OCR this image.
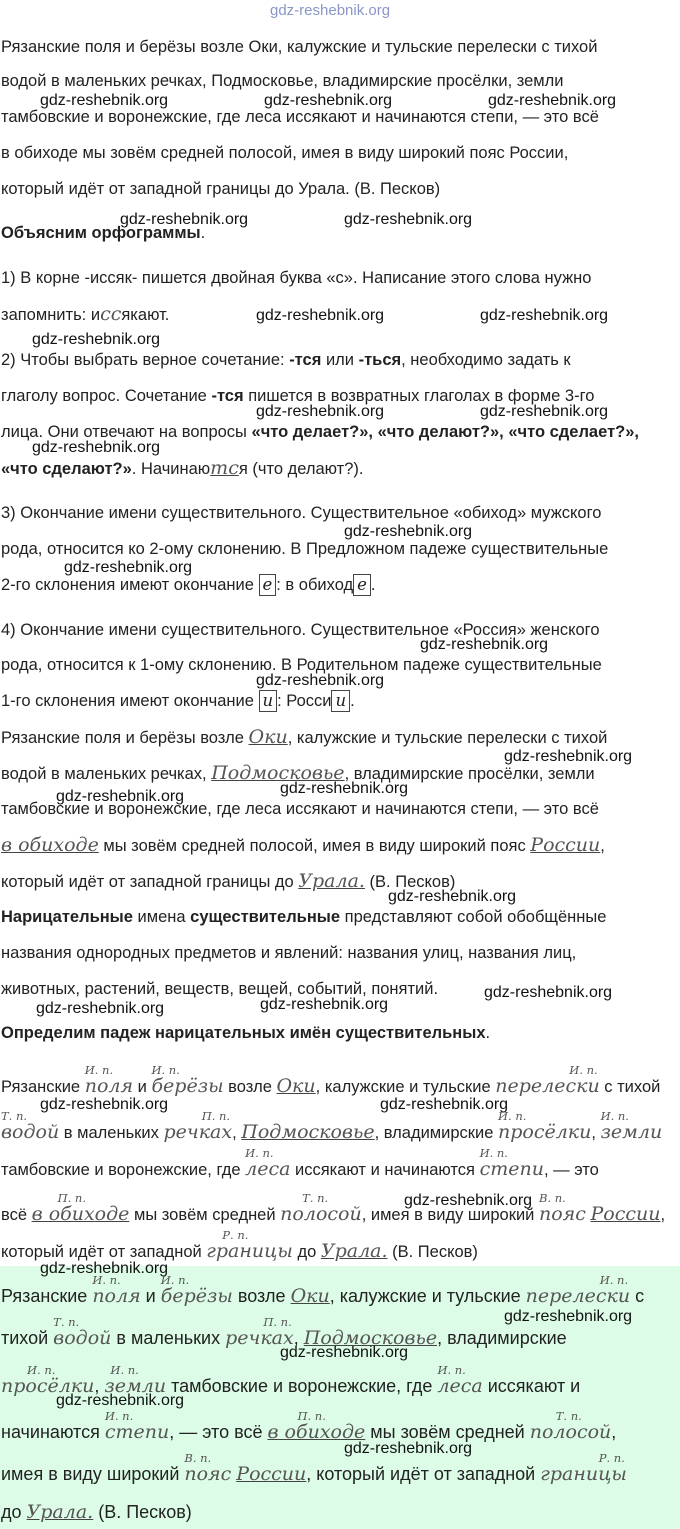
gdz-reshebnik.org
gdz-reshebnik.org	gdz-reshebnik.org	gdz-reshebnik.org
gdz-reshebnik.org	gdz-reshebnik.org
gdz-reshebnik.org	gdz-reshebnik.org
gdz-reshebnik.org
gdz-reshebnik.org	gdz-reshebnik.org
gdz-reshebnik.org
gdz-reshebnik.org
gdz-reshebnik.org
gdz-reshebnik.org
gdz-reshebnik.org
gdz-reshebnik.org
gdz-reshebnik.org
gdz-reshebnik.org
gdz-reshebnik.org
gdz-reshebnik.org
gdz-reshebnik.org
gdz-reshebnik.org
gdz-reshebnik.org	gdz-reshebnik.org
gdz-reshebnik.org
gdz-reshebnik.org
gdz-reshebnik.org
gdz-reshebnik.org
gdz-reshebnik.org
gdz-reshebnik.org
Рязанские поля и берёзы возле Оки, калужские и тульские перелески с тихой
водой в маленьких речках, Подмосковье, владимирские просёлки, земли
тамбовские и воронежские, где леса иссякают и начинаются степи, — это всё
в обиходе мы зовём средней полосой, имея в виду широкий пояс России,
который идёт от западной границы до Урала. (В. Песков)
Объясним орфограммы.
1) В корне -иссяк- пишется двойная буква «с». Написание этого слова нужно
запомнить: иссякают.
2) Чтобы выбрать верное сочетание: -тся или -ться, необходимо задать к
глаголу вопрос. Сочетание -тся пишется в возвратных глаголах в форме 3-го
лица. Они отвечают на вопросы «что делает?», «что делают?», «что сделает?»,
«что сделают?». Начинаются (что делают?).
3) Окончание имени существительного. Существительное «обиход» мужского
рода, относится ко 2-ому склонению. В Предложном падеже существительные
2-го склонения имеют окончание е : в обиход е .
4) Окончание имени существительного. Существительное «Россия» женского
рода, относится к 1-ому склонению. В Родительном падеже существительные
1-го склонения имеют окончание и : Росси и .
Рязанские поля и берёзы возле Оки, калужские и тульские перелески с тихой
водой в маленьких речках, Подмосковье, владимирские просёлки, земли
тамбовские и воронежские, где леса иссякают и начинаются степи, — это всё
в обиходе мы зовём средней полосой, имея в виду широкий пояс России,
который идёт от западной границы до Урала. (В. Песков)
Нарицательные имена существительные представляют собой обобщённые
названия однородных предметов и явлений: названия улиц, названия лиц,
животных, растений, веществ, вещей, событий, понятий.
Определим падеж нарицательных имён существительных.
Рязанские
И. п.
поля и
И. п.
берёзы возле Оки, калужские и тульские
И. п.
перелески с тихой
Т. п.
водой в маленьких
П. п.
речках, Подмосковье, владимирские
И. п.
просёлки,
И. п.
земли
тамбовские и воронежские, где
И. п.
леса иссякают и начинаются
И. п.
степи, — это
всё
П. п.
в обиходе мы зовём средней
Т. п.
полосой, имея в виду широкий
В. п.
пояс России,
который идёт от западной
Р. п.
границы до Урала. (В. Песков)
Рязанские
И. п.
поля и
И. п.
берёзы возле Оки, калужские и тульские
И. п.
перелески с
тихой
Т. п.
водой в маленьких
П. п.
речках, Подмосковье, владимирские
И. п.
просёлки,
И. п.
земли тамбовские и воронежские, где
И. п.
леса иссякают и
начинаются
И. п.
степи, — это всё
П. п.
в обиходе мы зовём средней
Т. п.
полосой,
имея в виду широкий
В. п.
пояс России, который идёт от западной
Р. п.
границы
до Урала. (В. Песков)
